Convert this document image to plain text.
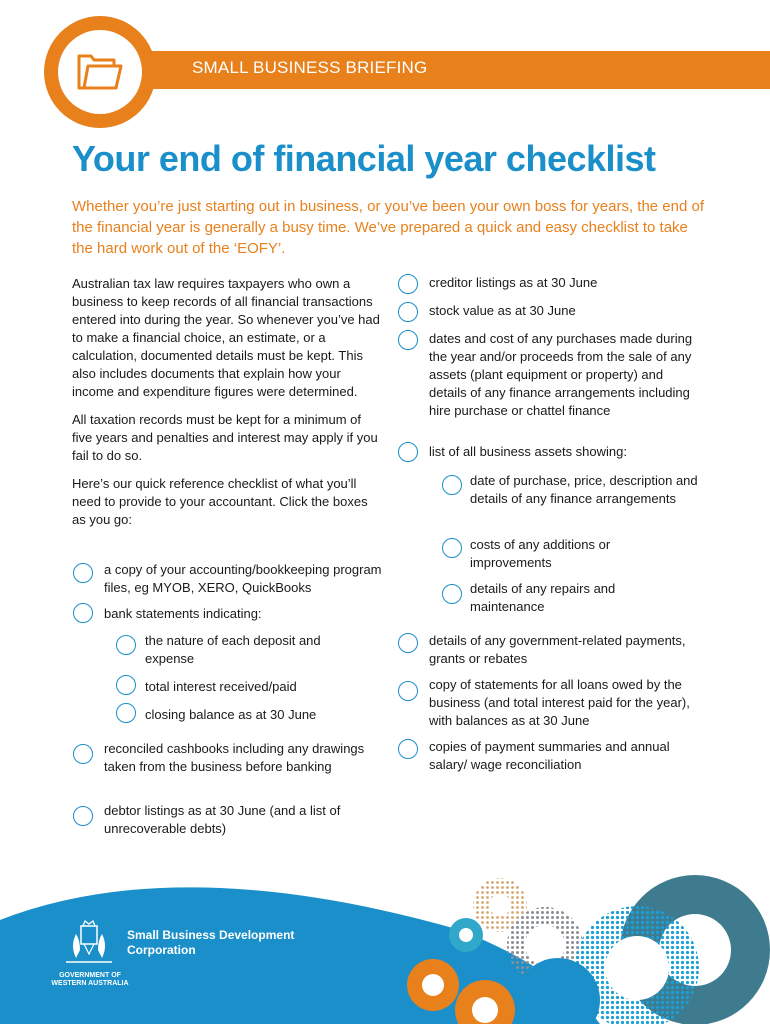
SMALL BUSINESS BRIEFING
Your end of financial year checklist
Whether you’re just starting out in business, or you’ve been your own boss for years, the end of the financial year is generally a busy time. We’ve prepared a quick and easy checklist to take the hard work out of the ‘EOFY’.

Australian tax law requires taxpayers who own a business to keep records of all financial transactions entered into during the year. So whenever you’ve had to make a financial choice, an estimate, or a calculation, documented details must be kept. This also includes documents that explain how your income and expenditure figures were determined.

All taxation records must be kept for a minimum of five years and penalties and interest may apply if you fail to do so.

Here’s our quick reference checklist of what you’ll need to provide to your accountant. Click the boxes as you go:

a copy of your accounting/bookkeeping program files, eg MYOB, XERO, QuickBooks
bank statements indicating:
the nature of each deposit and expense
total interest received/paid
closing balance as at 30 June
reconciled cashbooks including any drawings taken from the business before banking
debtor listings as at 30 June (and a list of unrecoverable debts)
creditor listings as at 30 June
stock value as at 30 June
dates and cost of any purchases made during the year and/or proceeds from the sale of any assets (plant equipment or property) and details of any finance arrangements including hire purchase or chattel finance
list of all business assets showing:
date of purchase, price, description and details of any finance arrangements
costs of any additions or improvements
details of any repairs and maintenance
details of any government-related payments, grants or rebates
copy of statements for all loans owed by the business (and total interest paid for the year), with balances as at 30 June
copies of payment summaries and annual salary/ wage reconciliation
GOVERNMENT OF WESTERN AUSTRALIA
Small Business Development Corporation
